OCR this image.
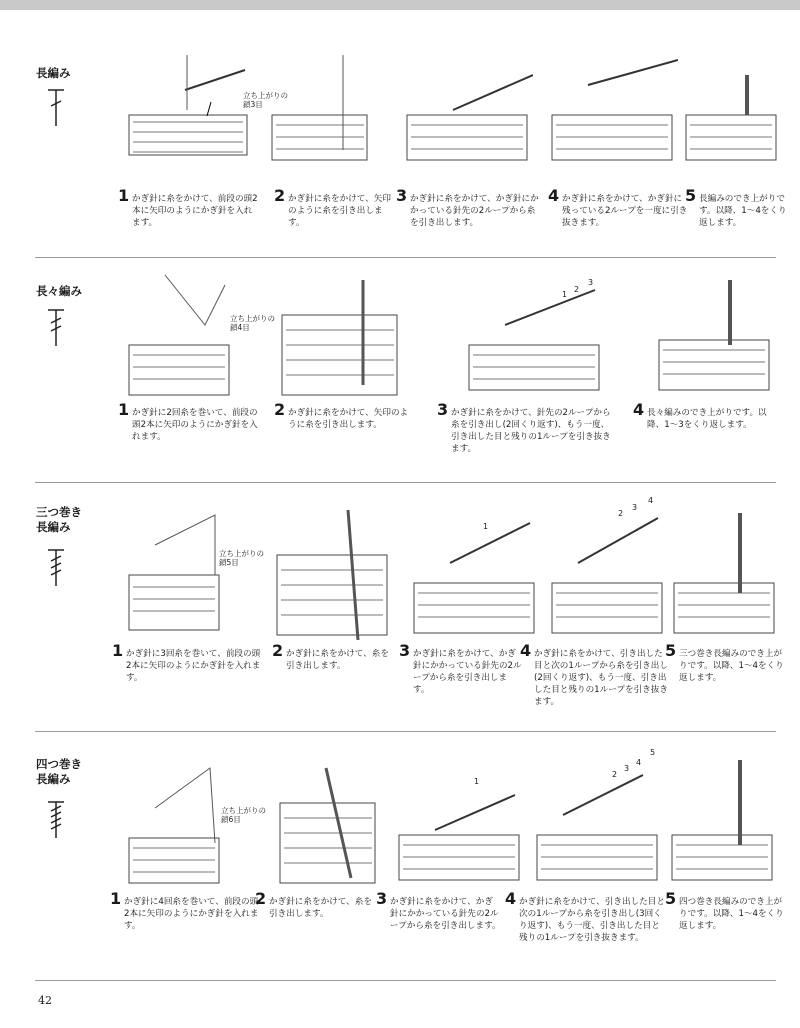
長編み
立ち上がりの
鎖3目
1 かぎ針に糸をかけて、前段の頭2本に矢印のようにかぎ針を入れます。
2 かぎ針に糸をかけて、矢印のように糸を引き出します。
3 かぎ針に糸をかけて、かぎ針にかかっている針先の2ループから糸を引き出します。
4 かぎ針に糸をかけて、かぎ針に残っている2ループを一度に引き抜きます。
5 長編みのでき上がりです。以降、1〜4をくり返します。
長々編み
立ち上がりの
鎖4目
1
2
3
1 かぎ針に2回糸を巻いて、前段の頭2本に矢印のようにかぎ針を入れます。
2 かぎ針に糸をかけて、矢印のように糸を引き出します。
3 かぎ針に糸をかけて、針先の2ループから糸を引き出し(2回くり返す)、もう一度、引き出した目と残りの1ループを引き抜きます。
4 長々編みのでき上がりです。以降、1〜3をくり返します。
三つ巻き
長編み
立ち上がりの
鎖5目
1
2
3
4
1 かぎ針に3回糸を巻いて、前段の頭2本に矢印のようにかぎ針を入れます。
2 かぎ針に糸をかけて、糸を引き出します。
3 かぎ針に糸をかけて、かぎ針にかかっている針先の2ループから糸を引き出します。
4 かぎ針に糸をかけて、引き出した目と次の1ループから糸を引き出し(2回くり返す)、もう一度、引き出した目と残りの1ループを引き抜きます。
5 三つ巻き長編みのでき上がりです。以降、1〜4をくり返します。
四つ巻き
長編み
立ち上がりの
鎖6目
1
2
3
4
5
1 かぎ針に4回糸を巻いて、前段の頭2本に矢印のようにかぎ針を入れます。
2 かぎ針に糸をかけて、糸を引き出します。
3 かぎ針に糸をかけて、かぎ針にかかっている針先の2ループから糸を引き出します。
4 かぎ針に糸をかけて、引き出した目と次の1ループから糸を引き出し(3回くり返す)、もう一度、引き出した目と残りの1ループを引き抜きます。
5 四つ巻き長編みのでき上がりです。以降、1〜4をくり返します。
42
